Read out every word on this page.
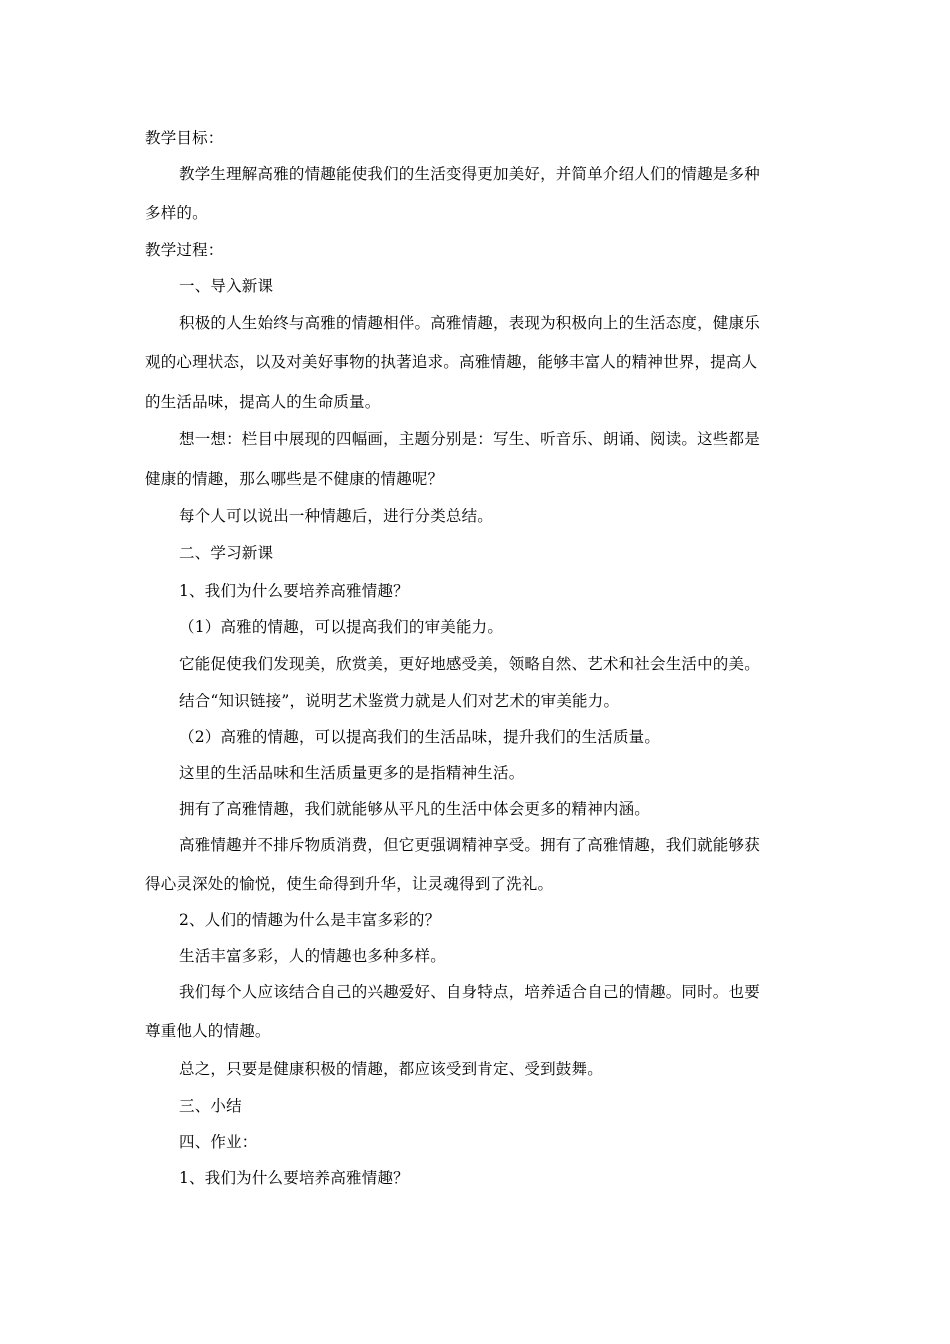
教学目标：
教学生理解高雅的情趣能使我们的生活变得更加美好，并简单介绍人们的情趣是多种
多样的。
教学过程：
一、导入新课
积极的人生始终与高雅的情趣相伴。高雅情趣，表现为积极向上的生活态度，健康乐
观的心理状态，以及对美好事物的执著追求。高雅情趣，能够丰富人的精神世界，提高人
的生活品味，提高人的生命质量。
想一想：栏目中展现的四幅画，主题分别是：写生、听音乐、朗诵、阅读。这些都是
健康的情趣，那么哪些是不健康的情趣呢？
每个人可以说出一种情趣后，进行分类总结。
二、学习新课
1、我们为什么要培养高雅情趣？
（1）高雅的情趣，可以提高我们的审美能力。
它能促使我们发现美，欣赏美，更好地感受美，领略自然、艺术和社会生活中的美。
结合“知识链接”，说明艺术鉴赏力就是人们对艺术的审美能力。
（2）高雅的情趣，可以提高我们的生活品味，提升我们的生活质量。
这里的生活品味和生活质量更多的是指精神生活。
拥有了高雅情趣，我们就能够从平凡的生活中体会更多的精神内涵。
高雅情趣并不排斥物质消费，但它更强调精神享受。拥有了高雅情趣，我们就能够获
得心灵深处的愉悦，使生命得到升华，让灵魂得到了洗礼。
2、人们的情趣为什么是丰富多彩的？
生活丰富多彩，人的情趣也多种多样。
我们每个人应该结合自己的兴趣爱好、自身特点，培养适合自己的情趣。同时。也要
尊重他人的情趣。
总之，只要是健康积极的情趣，都应该受到肯定、受到鼓舞。
三、小结
四、作业：
1、我们为什么要培养高雅情趣？
